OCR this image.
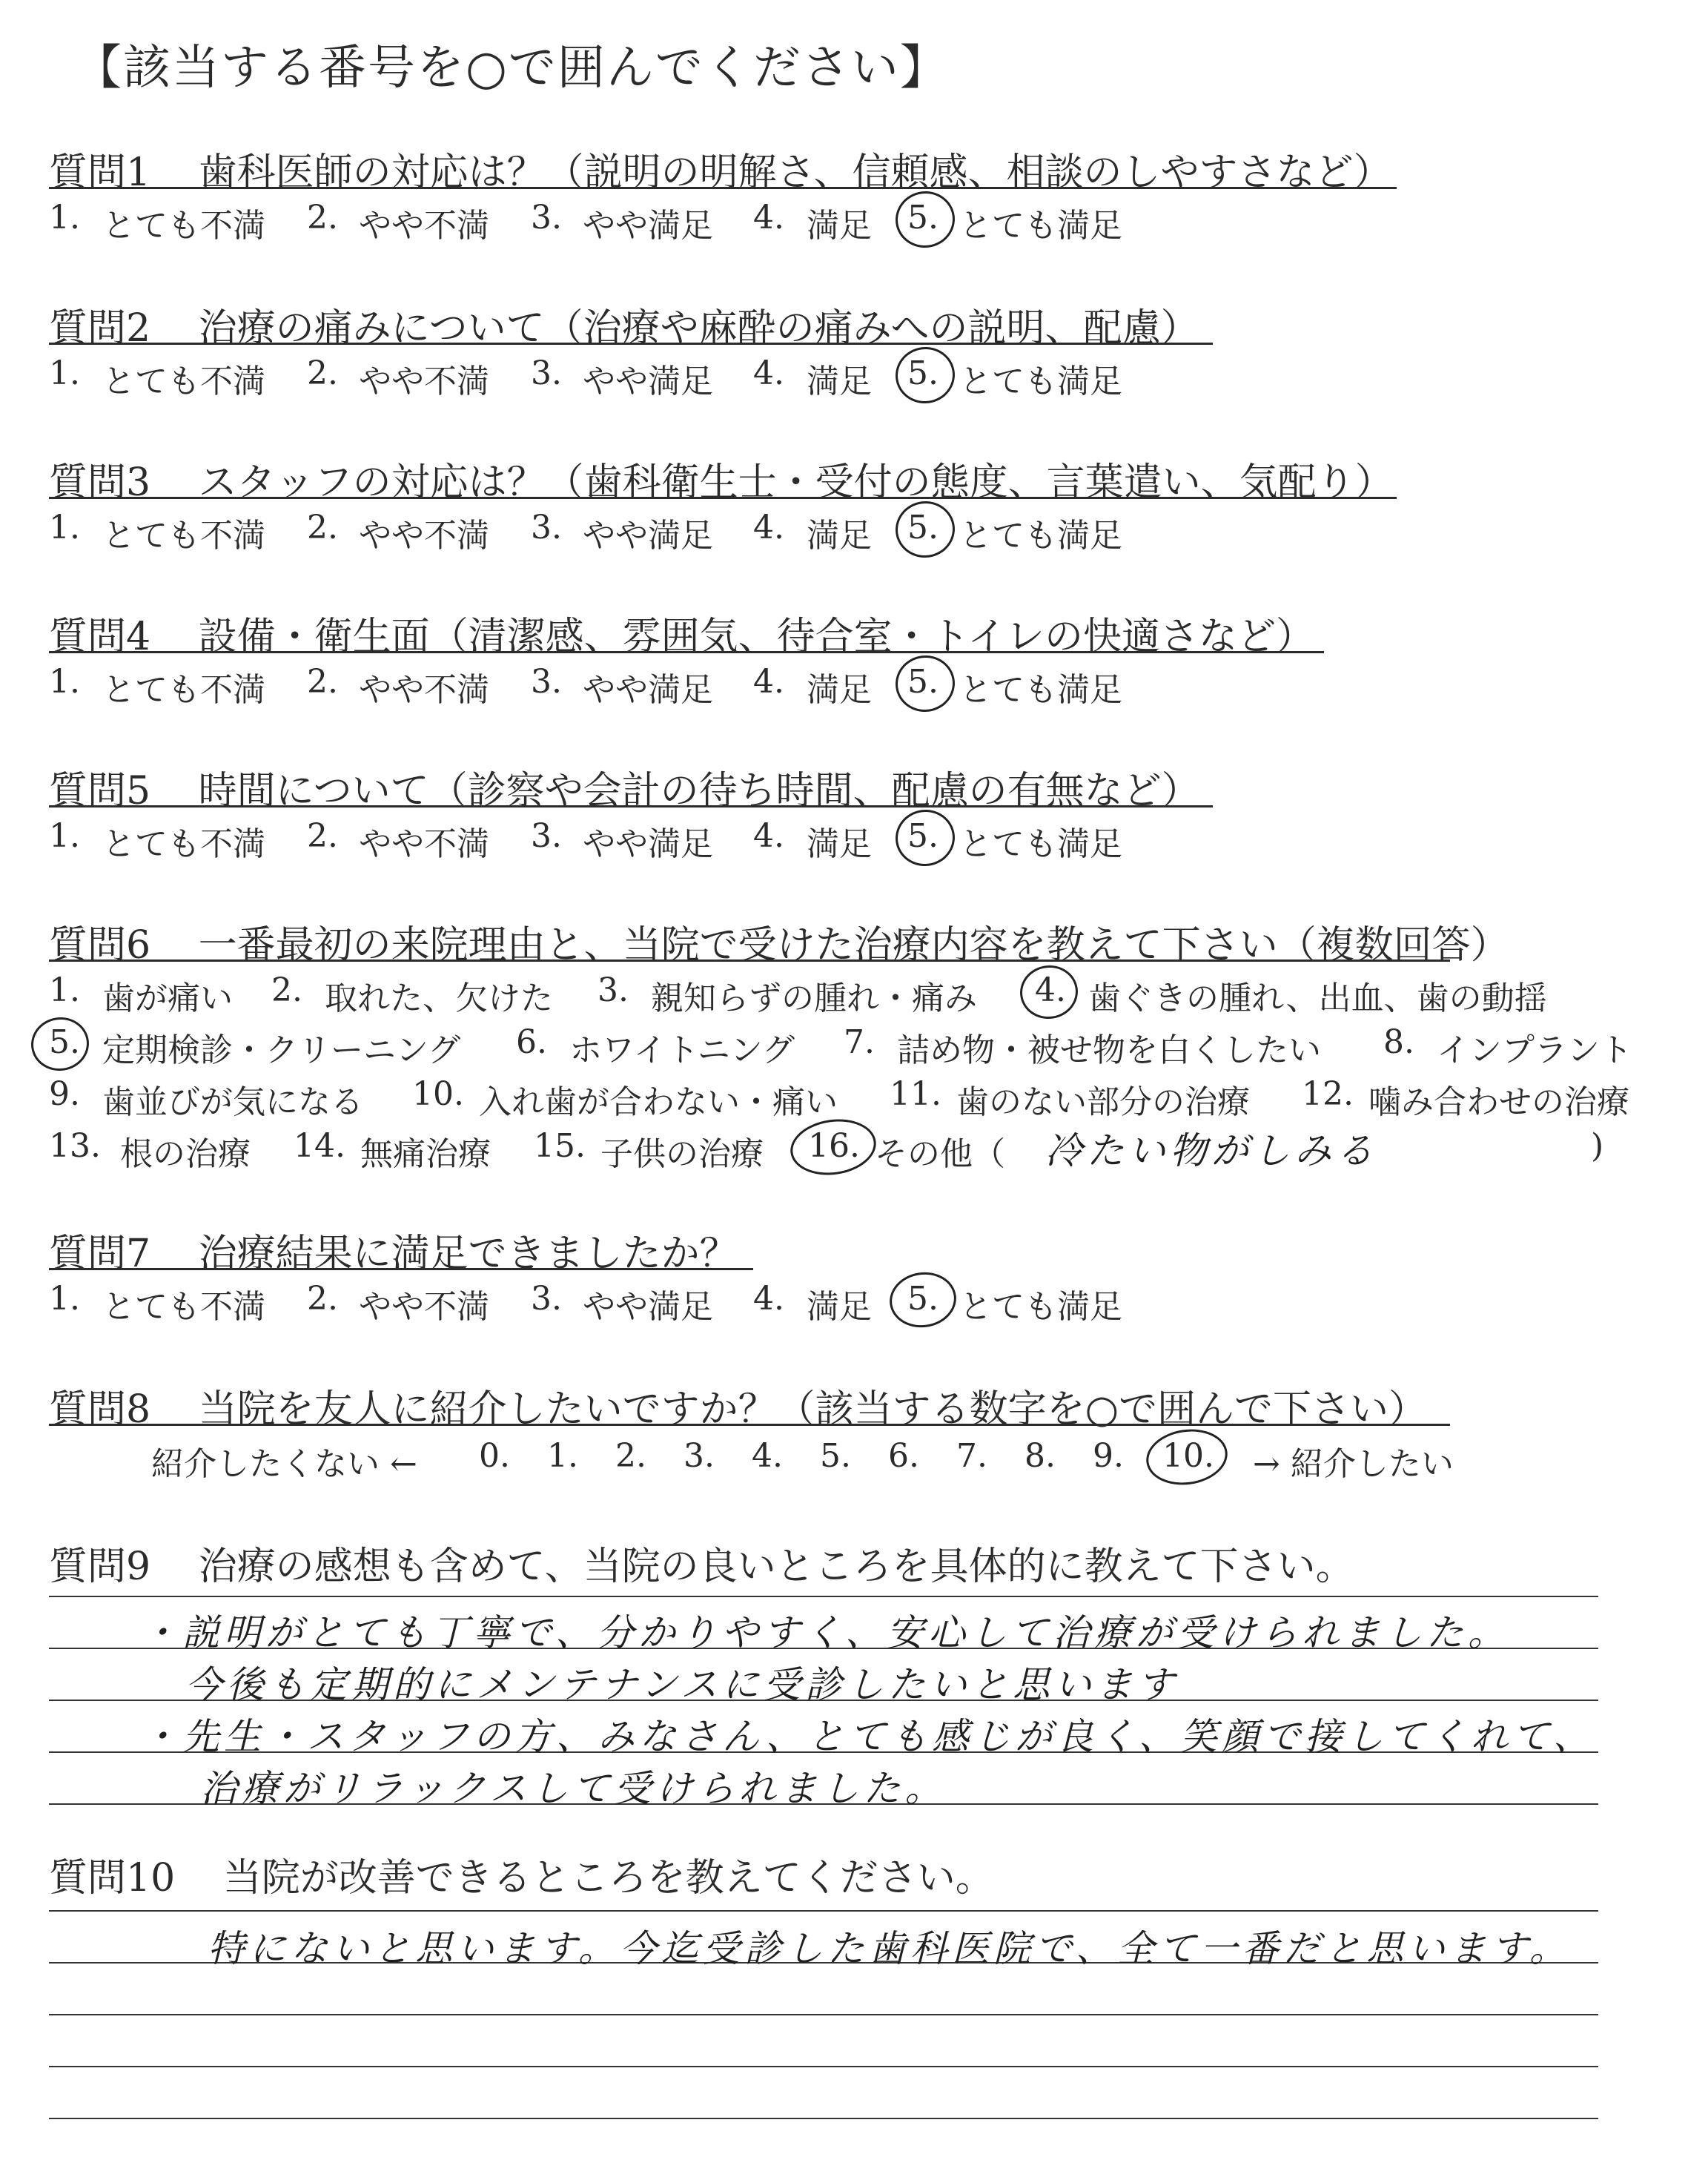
【該当する番号を○で囲んでください】
質問1 歯科医師の対応は？（説明の明解さ、信頼感、相談のしやすさなど）
1. とても不満 2. やや不満 3. やや満足 4. 満足 5. とても満足
質問2 治療の痛みについて（治療や麻酔の痛みへの説明、配慮）
1. とても不満 2. やや不満 3. やや満足 4. 満足 5. とても満足
質問3 スタッフの対応は？（歯科衛生士・受付の態度、言葉遣い、気配り）
1. とても不満 2. やや不満 3. やや満足 4. 満足 5. とても満足
質問4 設備・衛生面（清潔感、雰囲気、待合室・トイレの快適さなど）
1. とても不満 2. やや不満 3. やや満足 4. 満足 5. とても満足
質問5 時間について（診察や会計の待ち時間、配慮の有無など）
1. とても不満 2. やや不満 3. やや満足 4. 満足 5. とても満足
質問6 一番最初の来院理由と、当院で受けた治療内容を教えて下さい（複数回答）
1. 歯が痛い 2. 取れた、欠けた 3. 親知らずの腫れ・痛み 4. 歯ぐきの腫れ、出血、歯の動揺
5. 定期検診・クリーニング 6. ホワイトニング 7. 詰め物・被せ物を白くしたい 8. インプラント
9. 歯並びが気になる 10. 入れ歯が合わない・痛い 11. 歯のない部分の治療 12. 噛み合わせの治療
13. 根の治療 14. 無痛治療 15. 子供の治療 16. その他（	)
冷たい物がしみる
質問7 治療結果に満足できましたか？
1. とても不満 2. やや不満 3. やや満足 4. 満足 5. とても満足
質問8 当院を友人に紹介したいですか？（該当する数字を○で囲んで下さい）
紹介したくない ← 0. 1. 2. 3. 4. 5. 6. 7. 8. 9. 10. → 紹介したい
質問9 治療の感想も含めて、当院の良いところを具体的に教えて下さい。
・説明がとても丁寧で、分かりやすく、安心して治療が受けられました。
今後も定期的にメンテナンスに受診したいと思います
・先生・スタッフの方、みなさん、とても感じが良く、笑顔で接してくれて、
治療がリラックスして受けられました。
質問10 当院が改善できるところを教えてください。
特にないと思います。今迄受診した歯科医院で、全て一番だと思います。
